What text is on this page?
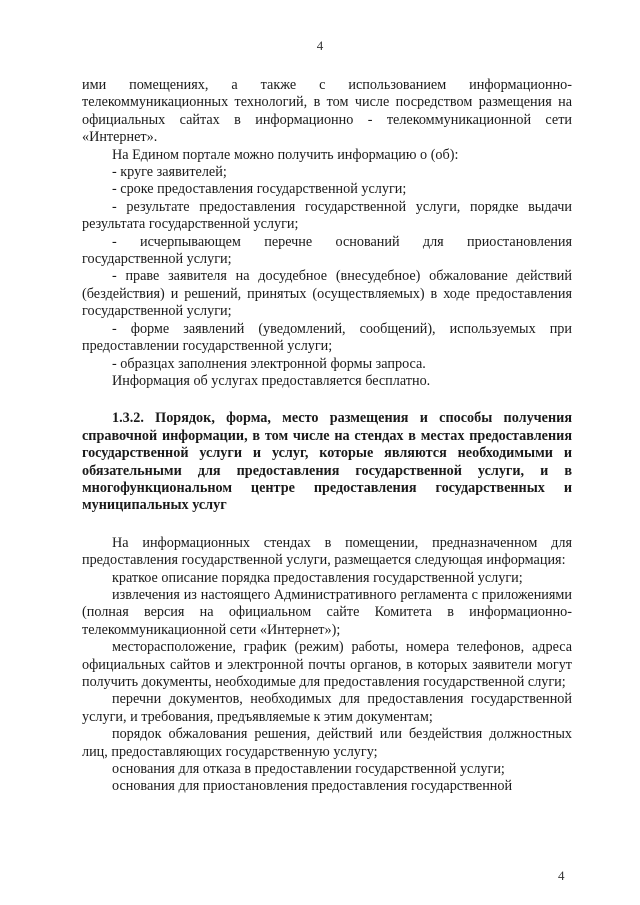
4

ими помещениях, а также с использованием информационно-телекоммуникационных технологий, в том числе посредством размещения на официальных сайтах в информационно - телекоммуникационной сети «Интернет».

На Едином портале можно получить информацию о (об):

- круге заявителей;

- сроке предоставления государственной услуги;

- результате предоставления государственной услуги, порядке выдачи результата государственной услуги;

- исчерпывающем перечне оснований для приостановления государственной услуги;

- праве заявителя на досудебное (внесудебное) обжалование действий (бездействия) и решений, принятых (осуществляемых) в ходе предоставления государственной услуги;

- форме заявлений (уведомлений, сообщений), используемых при предоставлении государственной услуги;

- образцах заполнения электронной формы запроса.

Информация об услугах предоставляется бесплатно.

1.3.2. Порядок, форма, место размещения и способы получения справочной информации, в том числе на стендах в местах предоставления государственной услуги и услуг, которые являются необходимыми и обязательными для предоставления государственной услуги, и в многофункциональном центре предоставления государственных и муниципальных услуг

На информационных стендах в помещении, предназначенном для предоставления государственной услуги, размещается следующая информация:

краткое описание порядка предоставления государственной услуги;

извлечения из настоящего Административного регламента с приложениями (полная версия на официальном сайте Комитета в информационно-телекоммуникационной сети «Интернет»);

месторасположение, график (режим) работы, номера телефонов, адреса официальных сайтов и электронной почты органов, в которых заявители могут получить документы, необходимые для предоставления государственной слуги;

перечни документов, необходимых для предоставления государственной услуги, и требования, предъявляемые к этим документам;

порядок обжалования решения, действий или бездействия должностных лиц, предоставляющих государственную услугу;

основания для отказа в предоставлении государственной услуги;

основания для приостановления предоставления государственной

4
